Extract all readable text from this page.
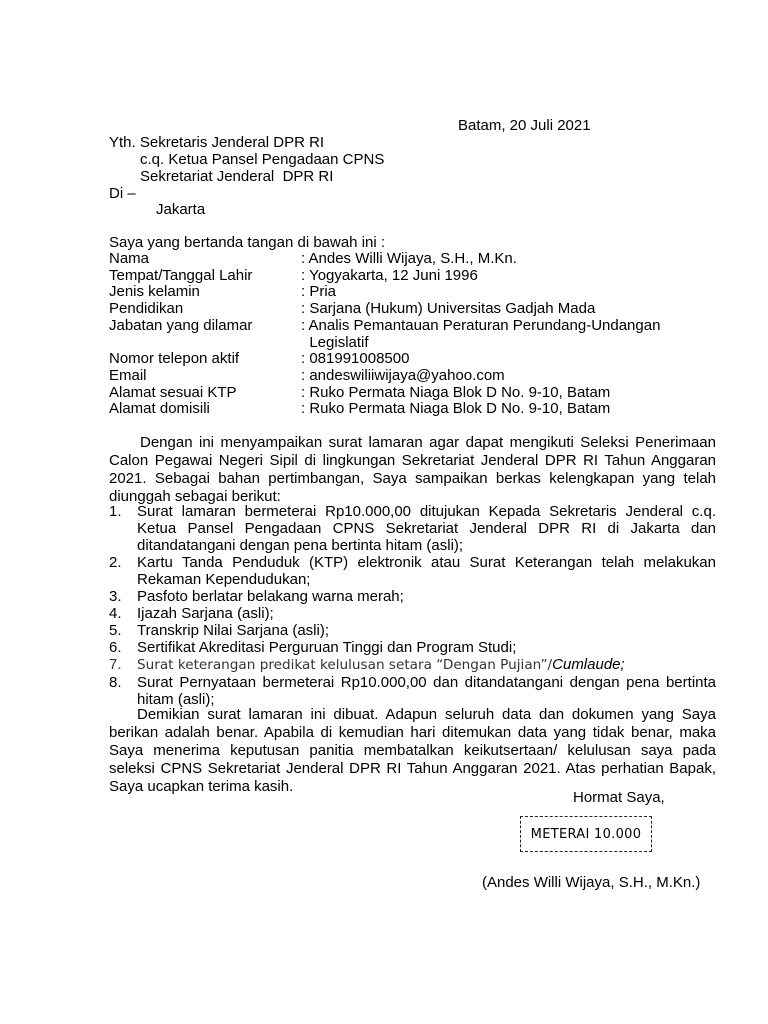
Batam, 20 Juli 2021
Yth. Sekretaris Jenderal DPR RI
c.q. Ketua Pansel Pengadaan CPNS
Sekretariat Jenderal  DPR RI
Di –
Jakarta
Saya yang bertanda tangan di bawah ini :
Nama	: Andes Willi Wijaya, S.H., M.Kn.
Tempat/Tanggal Lahir	: Yogyakarta, 12 Juni 1996
Jenis kelamin	: Pria
Pendidikan	: Sarjana (Hukum) Universitas Gadjah Mada
Jabatan yang dilamar	: Analis Pemantauan Peraturan Perundang-Undangan
Legislatif
Nomor telepon aktif	: 081991008500
Email	: andeswiliiwijaya@yahoo.com
Alamat sesuai KTP	: Ruko Permata Niaga Blok D No. 9-10, Batam
Alamat domisili	: Ruko Permata Niaga Blok D No. 9-10, Batam
Dengan ini menyampaikan surat lamaran agar dapat mengikuti Seleksi Penerimaan Calon Pegawai Negeri Sipil di lingkungan Sekretariat Jenderal DPR RI Tahun Anggaran 2021. Sebagai bahan pertimbangan, Saya sampaikan berkas kelengkapan yang telah diunggah sebagai berikut:
1.	Surat lamaran bermeterai Rp10.000,00 ditujukan Kepada Sekretaris Jenderal c.q. Ketua Pansel Pengadaan CPNS Sekretariat Jenderal DPR RI di Jakarta dan ditandatangani dengan pena bertinta hitam (asli);
2.	Kartu Tanda Penduduk (KTP) elektronik atau Surat Keterangan telah melakukan Rekaman Kependudukan;
3.	Pasfoto berlatar belakang warna merah;
4.	Ijazah Sarjana (asli);
5.	Transkrip Nilai Sarjana (asli);
6.	Sertifikat Akreditasi Perguruan Tinggi dan Program Studi;
7.	Surat keterangan predikat kelulusan setara “Dengan Pujian”/Cumlaude;
8.	Surat Pernyataan bermeterai Rp10.000,00 dan ditandatangani dengan pena bertinta hitam (asli);
Demikian surat lamaran ini dibuat. Adapun seluruh data dan dokumen yang Saya berikan adalah benar. Apabila di kemudian hari ditemukan data yang tidak benar, maka Saya menerima keputusan panitia membatalkan keikutsertaan/ kelulusan saya pada seleksi CPNS Sekretariat Jenderal DPR RI Tahun Anggaran 2021. Atas perhatian Bapak, Saya ucapkan terima kasih.
Hormat Saya,
METERAI 10.000
(Andes Willi Wijaya, S.H., M.Kn.)
